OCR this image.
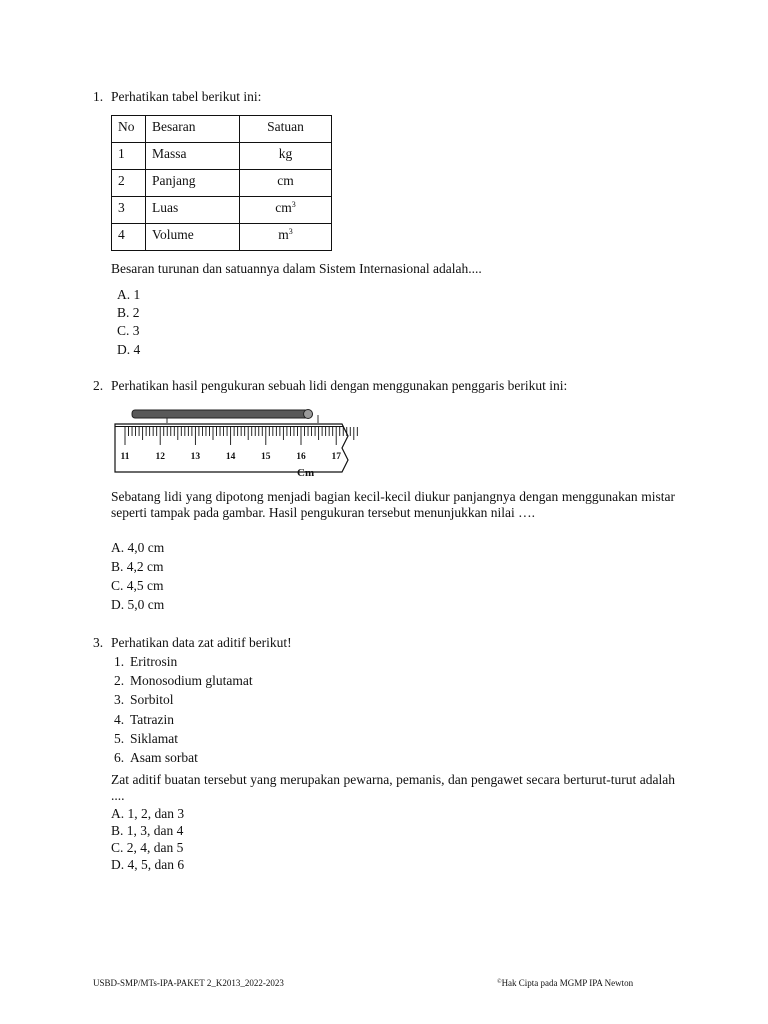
1. Perhatikan tabel berikut ini:
No	Besaran	Satuan
1	Massa	kg
2	Panjang	cm
3	Luas	$cm^3$
4	Volume	$m^3$
Besaran turunan dan satuannya dalam Sistem Internasional adalah....
A. 1
B. 2
C. 3
D. 4
2. Perhatikan hasil pengukuran sebuah lidi dengan menggunakan penggaris berikut ini:
11	12	13	14	15	16	17
Cm
Sebatang lidi yang dipotong menjadi bagian kecil-kecil diukur panjangnya dengan menggunakan mistar seperti tampak pada gambar. Hasil pengukuran tersebut menunjukkan nilai ….
A. 4,0 cm
B. 4,2 cm
C. 4,5 cm
D. 5,0 cm
3. Perhatikan data zat aditif berikut!
1. Eritrosin
2. Monosodium glutamat
3. Sorbitol
4. Tatrazin
5. Siklamat
6. Asam sorbat
Zat aditif buatan tersebut yang merupakan pewarna, pemanis, dan pengawet secara berturut-turut adalah ....
A. 1, 2, dan 3
B. 1, 3, dan 4
C. 2, 4, dan 5
D. 4, 5, dan 6
USBD-SMP/MTs-IPA-PAKET 2_K2013_2022-2023	©Hak Cipta pada MGMP IPA Newton
